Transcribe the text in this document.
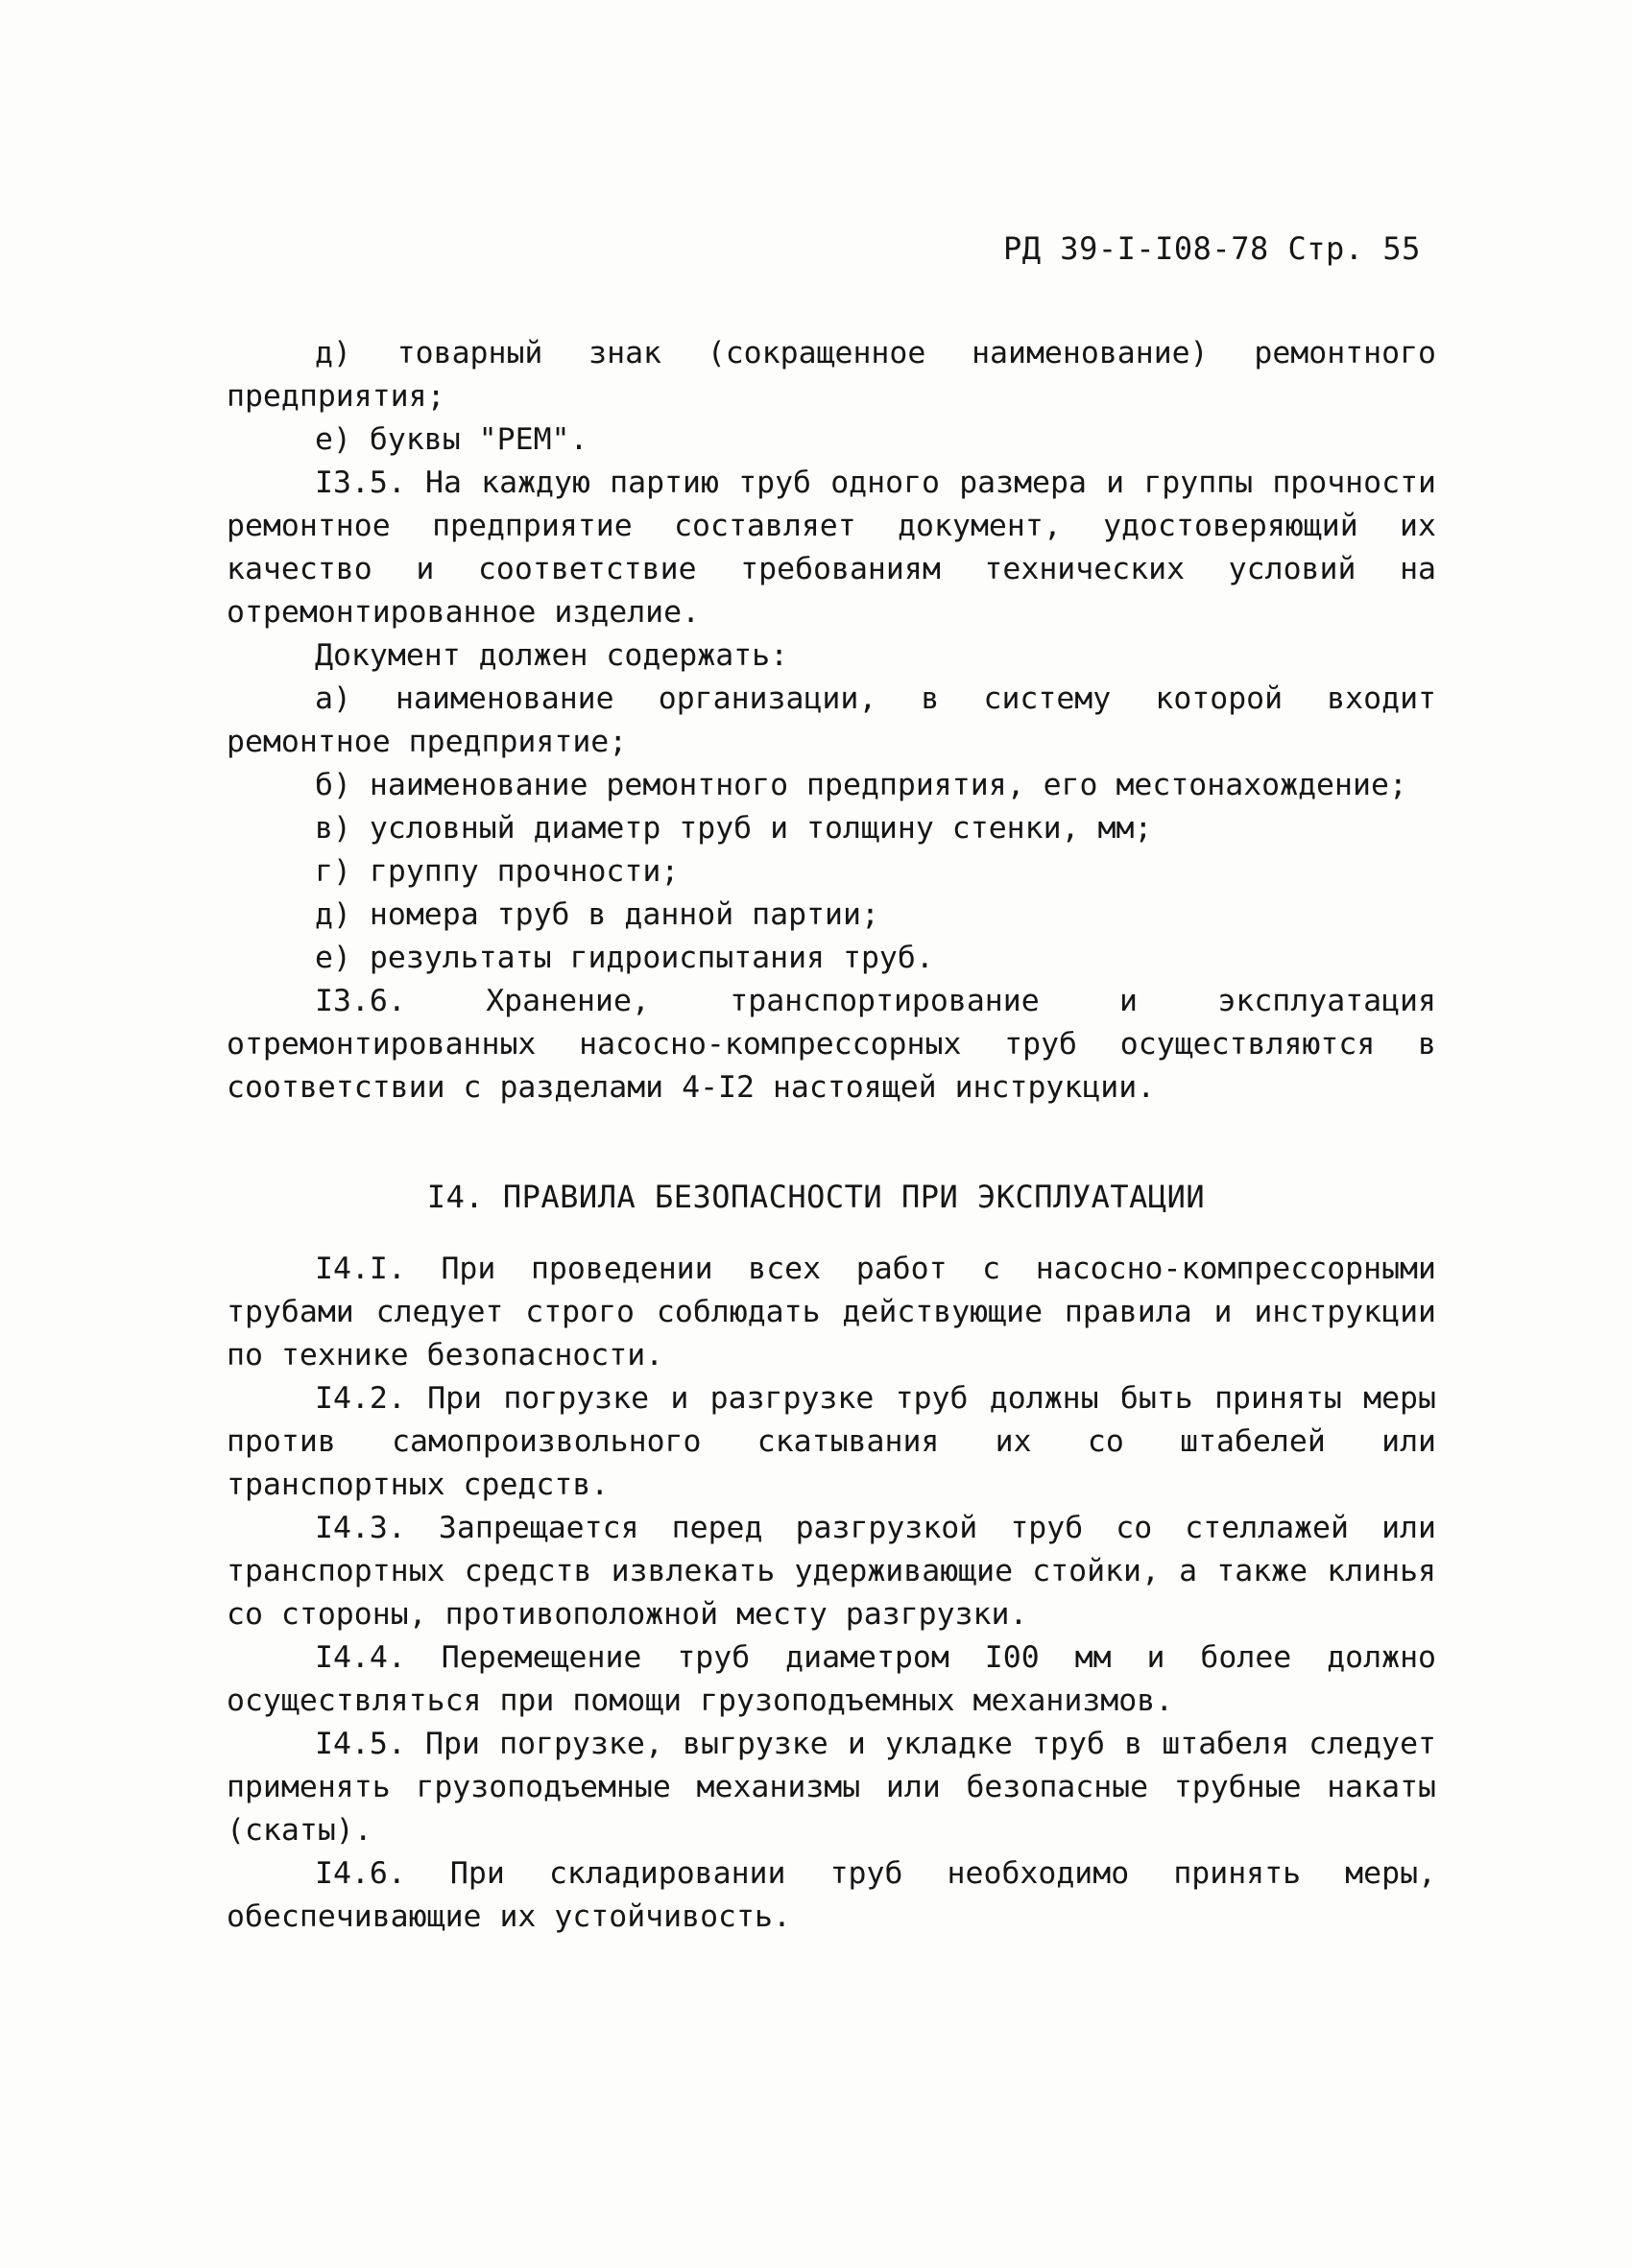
РД 39-I-I08-78 Стр. 55

д) товарный знак (сокращенное наименование) ремонтного предприятия;

е) буквы "РЕМ".

I3.5. На каждую партию труб одного размера и группы прочности ремонтное предприятие составляет документ, удостоверяющий их качество и соответствие требованиям технических условий на отремонтированное изделие.

Документ должен содержать:

а) наименование организации, в систему которой входит ремонтное предприятие;

б) наименование ремонтного предприятия, его местонахождение;

в) условный диаметр труб и толщину стенки, мм;

г) группу прочности;

д) номера труб в данной партии;

е) результаты гидроиспытания труб.

I3.6. Хранение, транспортирование и эксплуатация отремонтированных насосно-компрессорных труб осуществляются в соответствии с разделами 4-I2 настоящей инструкции.

I4. ПРАВИЛА БЕЗОПАСНОСТИ ПРИ ЭКСПЛУАТАЦИИ

I4.I. При проведении всех работ с насосно-компрессорными трубами следует строго соблюдать действующие правила и инструкции по технике безопасности.

I4.2. При погрузке и разгрузке труб должны быть приняты меры против самопроизвольного скатывания их со штабелей или транспортных средств.

I4.3. Запрещается перед разгрузкой труб со стеллажей или транспортных средств извлекать удерживающие стойки, а также клинья со стороны, противоположной месту разгрузки.

I4.4. Перемещение труб диаметром I00 мм и более должно осуществляться при помощи грузоподъемных механизмов.

I4.5. При погрузке, выгрузке и укладке труб в штабеля следует применять грузоподъемные механизмы или безопасные трубные накаты (скаты).

I4.6. При складировании труб необходимо принять меры, обеспечивающие их устойчивость.
